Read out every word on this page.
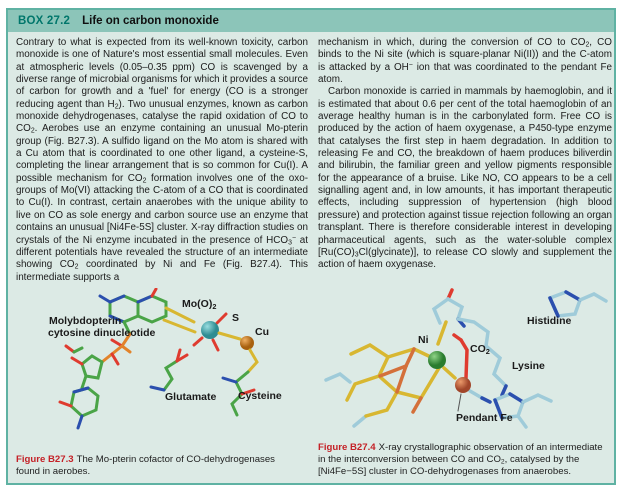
BOX 27.2 Life on carbon monoxide

Contrary to what is expected from its well-known toxicity, carbon monoxide is one of Nature's most essential small molecules. Even at atmospheric levels (0.05–0.35 ppm) CO is scavenged by a diverse range of microbial organisms for which it provides a source of carbon for growth and a 'fuel' for energy (CO is a stronger reducing agent than $H_2$). Two unusual enzymes, known as carbon monoxide dehydrogenases, catalyse the rapid oxidation of CO to $CO_2$. Aerobes use an enzyme containing an unusual Mo-pterin group (Fig. B27.3). A sulfido ligand on the Mo atom is shared with a Cu atom that is coordinated to one other ligand, a cysteine-S, completing the linear arrangement that is so common for Cu(I). A possible mechanism for $CO_2$ formation involves one of the oxo-groups of Mo(VI) attacking the C-atom of a CO that is coordinated to Cu(I). In contrast, certain anaerobes with the unique ability to live on CO as sole energy and carbon source use an enzyme that contains an unusual [Ni4Fe-5S] cluster. X-ray diffraction studies on crystals of the Ni enzyme incubated in the presence of $HCO_3^-$ at different potentials have revealed the structure of an intermediate showing $CO_2$ coordinated by Ni and Fe (Fig. B27.4). This intermediate supports a

mechanism in which, during the conversion of CO to $CO_2$, CO binds to the Ni site (which is square-planar Ni(II)) and the C-atom is attacked by a OH− ion that was coordinated to the pendant Fe atom.

Carbon monoxide is carried in mammals by haemoglobin, and it is estimated that about 0.6 per cent of the total haemoglobin of an average healthy human is in the carbonylated form. Free CO is produced by the action of haem oxygenase, a P450-type enzyme that catalyses the first step in haem degradation. In addition to releasing Fe and CO, the breakdown of haem produces biliverdin and bilirubin, the familiar green and yellow pigments responsible for the appearance of a bruise. Like NO, CO appears to be a cell signalling agent and, in low amounts, it has important therapeutic effects, including suppression of hypertension (high blood pressure) and protection against tissue rejection following an organ transplant. There is therefore considerable interest in developing pharmaceutical agents, such as the water-soluble complex $[Ru(CO)_3Cl(glycinate)]$, to release CO slowly and supplement the action of haem oxygenase.

$Mo(O)_2$
S
Cu
Molybdopterin
cytosine dinucleotide
Glutamate Cysteine
Histidine
Ni
$CO_2$
Lysine
Pendant Fe
Figure B27.3 The Mo-pterin cofactor of CO-dehydrogenases found in aerobes.
Figure B27.4 X-ray crystallographic observation of an intermediate in the interconversion between CO and $CO_2$, catalysed by the [Ni4Fe−5S] cluster in CO-dehydrogenases from anaerobes.
